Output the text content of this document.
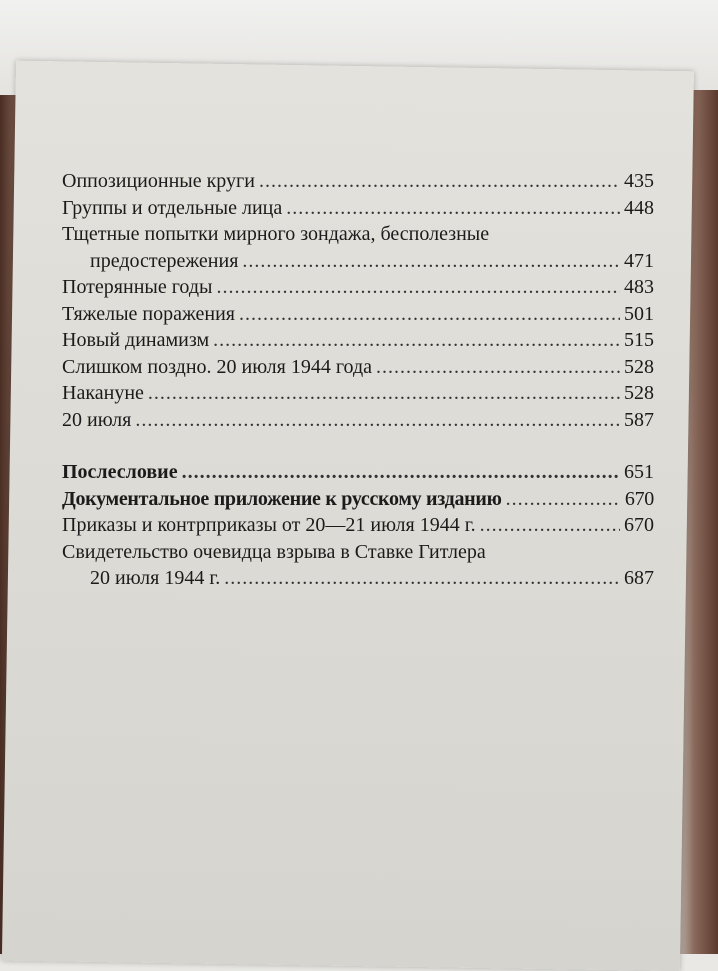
Оппозиционные круги .....	435
Группы и отдельные лица .....	448
Тщетные попытки мирного зондажа, бесполезные
предостережения .....	471
Потерянные годы .....	483
Тяжелые поражения .....	501
Новый динамизм .....	515
Слишком поздно. 20 июля 1944 года .....	528
Накануне .....	528
20 июля .....	587
Послесловие .....	651
Документальное приложение к русскому изданию .....	670
Приказы и контрприказы от 20—21 июля 1944 г. .....	670
Свидетельство очевидца взрыва в Ставке Гитлера
20 июля 1944 г. .....	687
